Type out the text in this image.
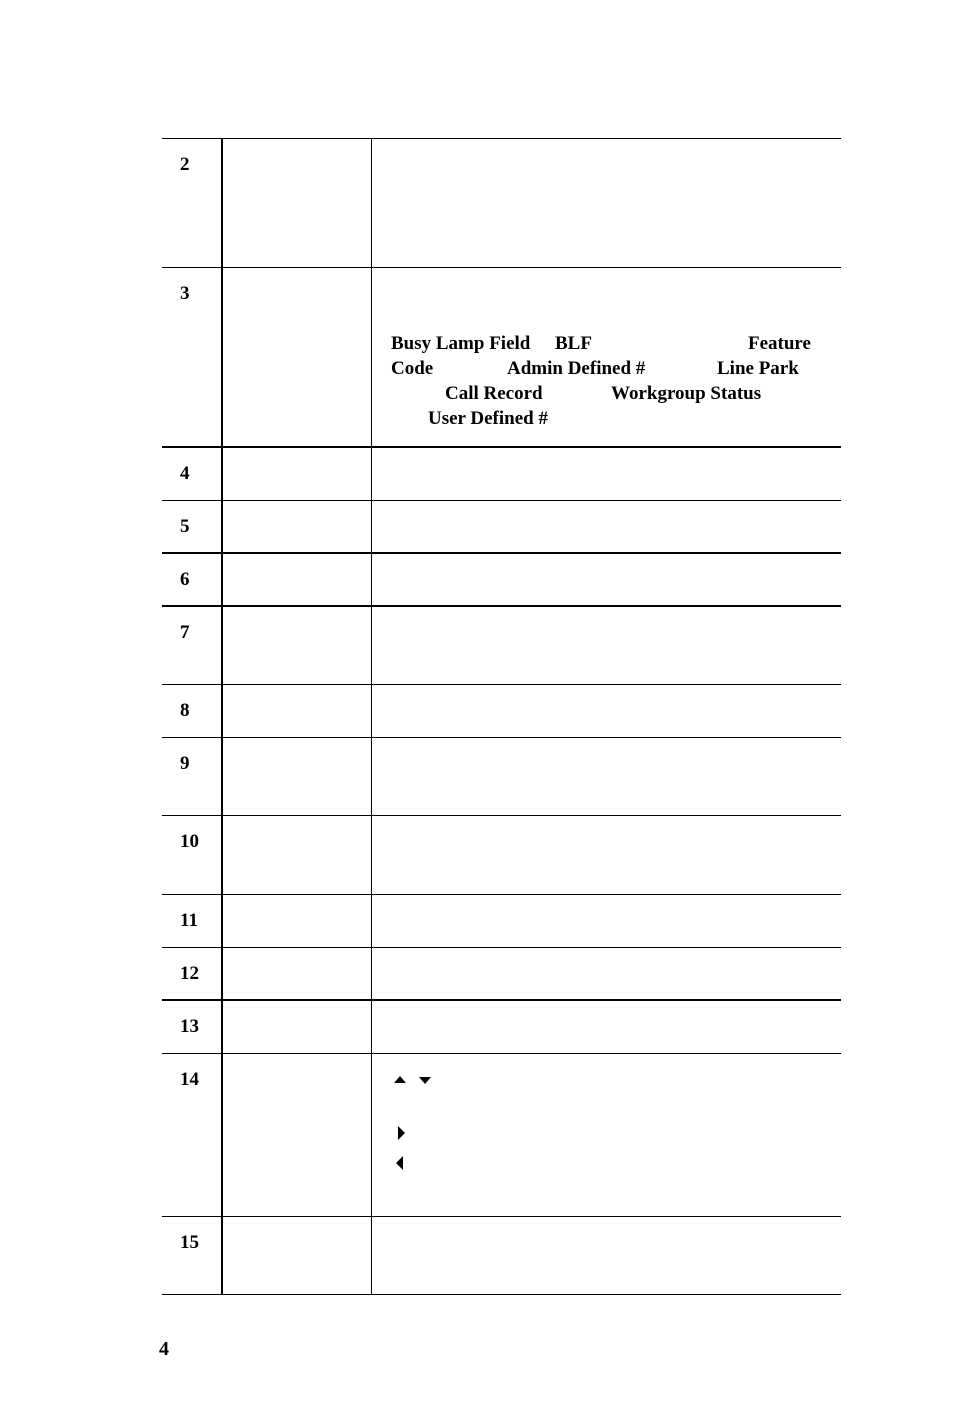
2
3
Busy Lamp Field BLF	Feature
Code	Admin Defined #	Line Park
Call Record	Workgroup Status
User Defined #
4
5
6
7
8
9
10
11
12
13
14
15
4
